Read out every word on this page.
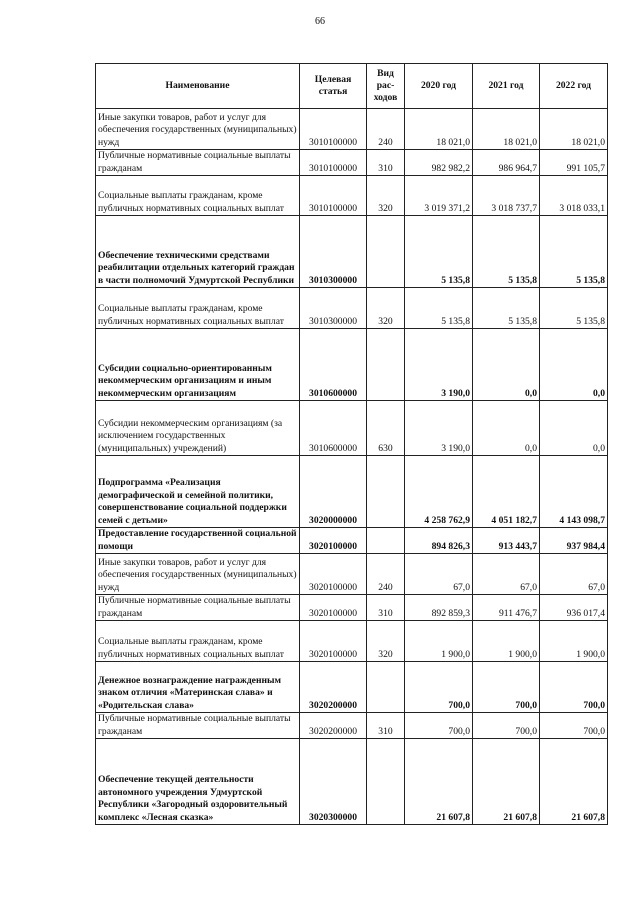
66
Наименование	Целевая статья	Вид рас-ходов	2020 год	2021 год	2022 год
Иные закупки товаров, работ и услуг для обеспечения государственных (муниципальных) нужд	3010100000	240	18 021,0	18 021,0	18 021,0
Публичные нормативные социальные выплаты гражданам	3010100000	310	982 982,2	986 964,7	991 105,7
Социальные выплаты гражданам, кроме публичных нормативных социальных выплат	3010100000	320	3 019 371,2	3 018 737,7	3 018 033,1
Обеспечение техническими средствами реабилитации отдельных категорий граждан в части полномочий Удмуртской Республики	3010300000		5 135,8	5 135,8	5 135,8
Социальные выплаты гражданам, кроме публичных нормативных социальных выплат	3010300000	320	5 135,8	5 135,8	5 135,8
Субсидии социально-ориентированным некоммерческим организациям и иным некоммерческим организациям	3010600000		3 190,0	0,0	0,0
Субсидии некоммерческим организациям (за исключением государственных (муниципальных) учреждений)	3010600000	630	3 190,0	0,0	0,0
Подпрограмма «Реализация демографической и семейной политики, совершенствование социальной поддержки семей с детьми»	3020000000		4 258 762,9	4 051 182,7	4 143 098,7
Предоставление государственной социальной помощи	3020100000		894 826,3	913 443,7	937 984,4
Иные закупки товаров, работ и услуг для обеспечения государственных (муниципальных) нужд	3020100000	240	67,0	67,0	67,0
Публичные нормативные социальные выплаты гражданам	3020100000	310	892 859,3	911 476,7	936 017,4
Социальные выплаты гражданам, кроме публичных нормативных социальных выплат	3020100000	320	1 900,0	1 900,0	1 900,0
Денежное вознаграждение награжденным знаком отличия «Материнская слава» и «Родительская слава»	3020200000		700,0	700,0	700,0
Публичные нормативные социальные выплаты гражданам	3020200000	310	700,0	700,0	700,0
Обеспечение текущей деятельности автономного учреждения Удмуртской Республики «Загородный оздоровительный комплекс «Лесная сказка»	3020300000		21 607,8	21 607,8	21 607,8
